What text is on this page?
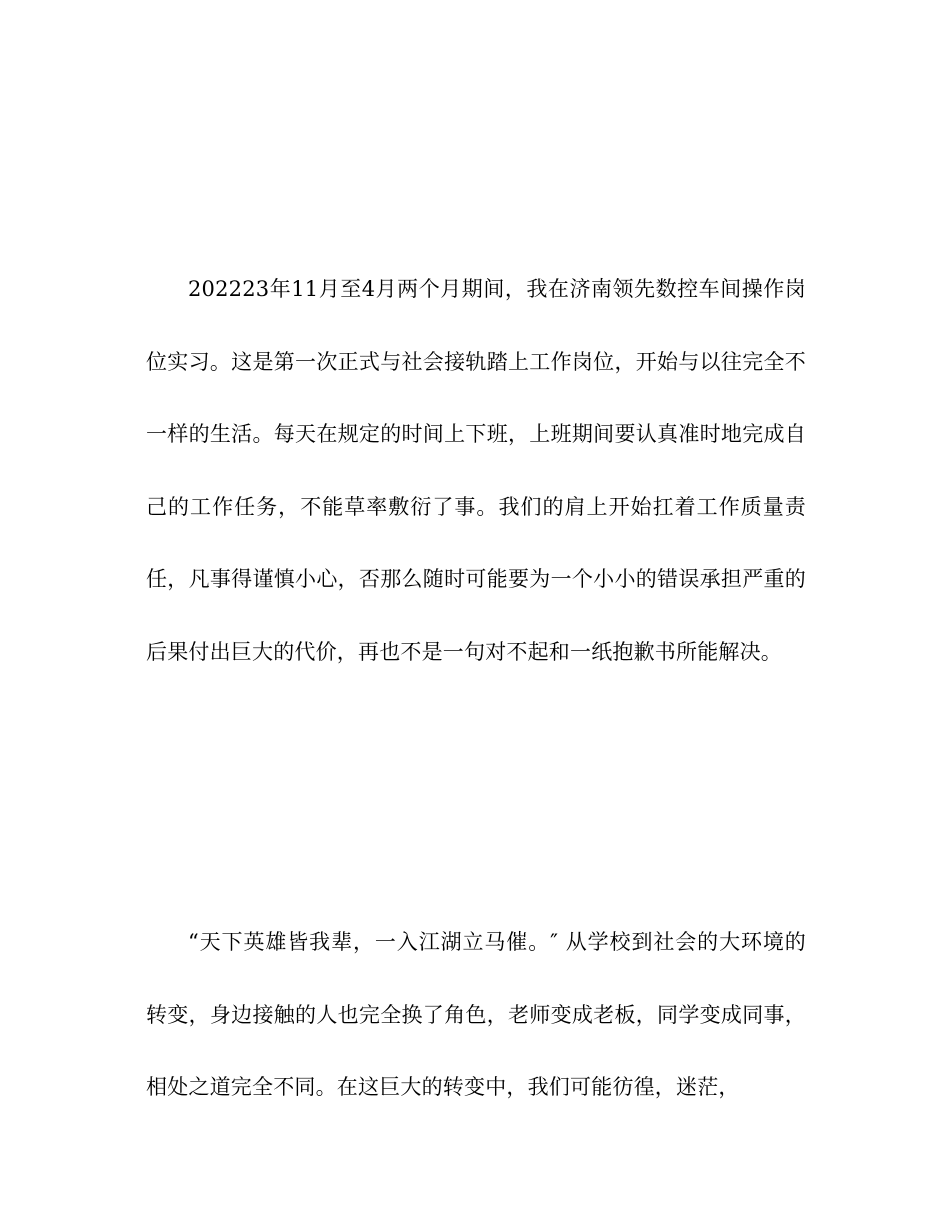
202223年11月至4月两个月期间，我在济南领先数控车间操作岗位实习。这是第一次正式与社会接轨踏上工作岗位，开始与以往完全不一样的生活。每天在规定的时间上下班，上班期间要认真准时地完成自己的工作任务，不能草率敷衍了事。我们的肩上开始扛着工作质量责任，凡事得谨慎小心，否那么随时可能要为一个小小的错误承担严重的后果付出巨大的代价，再也不是一句对不起和一纸抱歉书所能解决。

“天下英雄皆我辈，一入江湖立马催。″ 从学校到社会的大环境的转变，身边接触的人也完全换了角色，老师变成老板，同学变成同事，相处之道完全不同。在这巨大的转变中，我们可能彷徨，迷茫，
